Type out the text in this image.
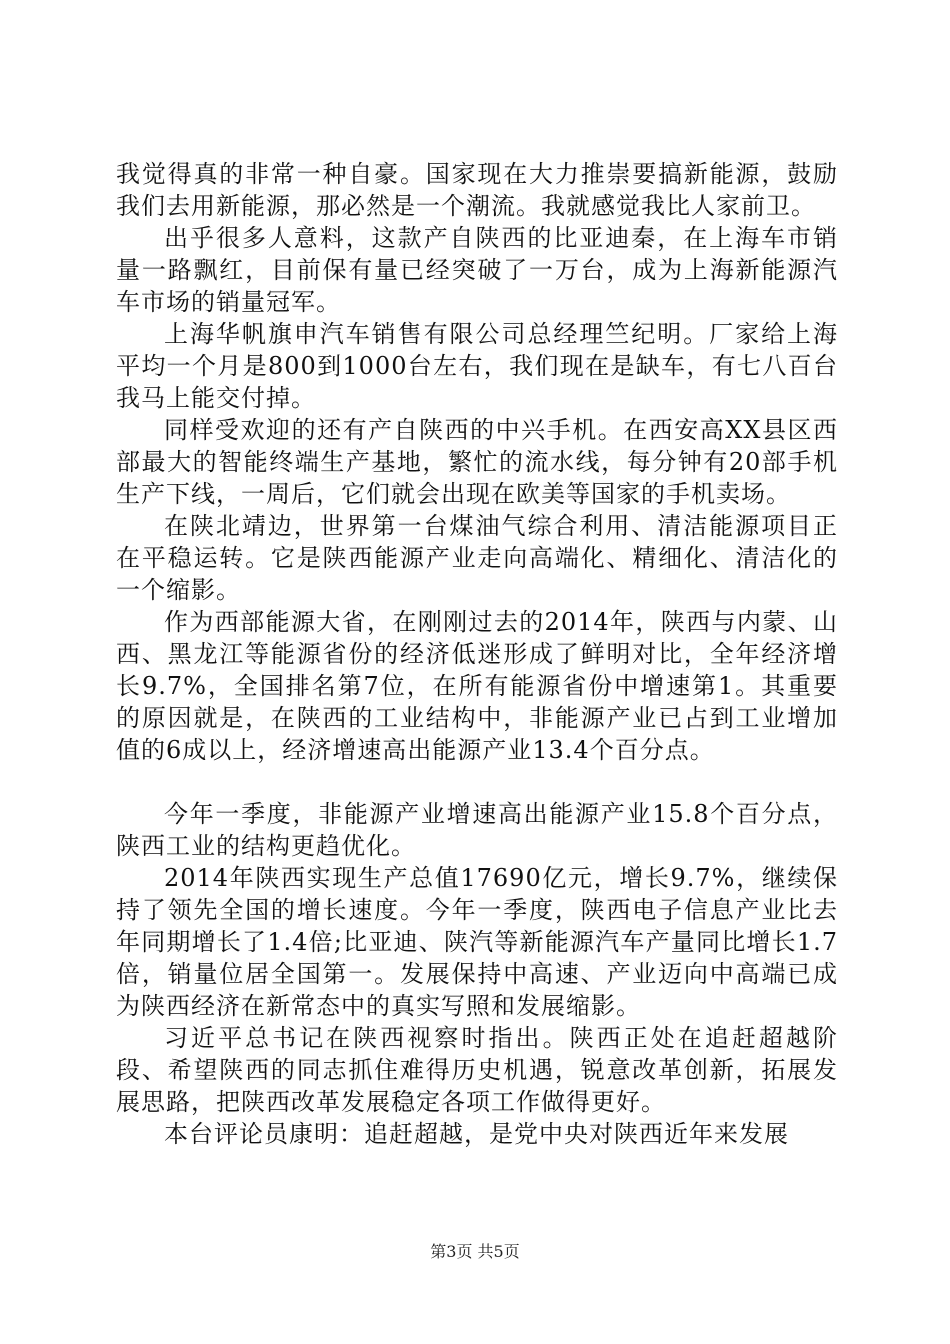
我觉得真的非常一种自豪。国家现在大力推崇要搞新能源，鼓励我们去用新能源，那必然是一个潮流。我就感觉我比人家前卫。

出乎很多人意料，这款产自陕西的比亚迪秦，在上海车市销量一路飘红，目前保有量已经突破了一万台，成为上海新能源汽车市场的销量冠军。

上海华帆旗申汽车销售有限公司总经理竺纪明。厂家给上海平均一个月是800到1000台左右，我们现在是缺车，有七八百台我马上能交付掉。

同样受欢迎的还有产自陕西的中兴手机。在西安高XX县区西部最大的智能终端生产基地，繁忙的流水线，每分钟有20部手机生产下线，一周后，它们就会出现在欧美等国家的手机卖场。

在陕北靖边，世界第一台煤油气综合利用、清洁能源项目正在平稳运转。它是陕西能源产业走向高端化、精细化、清洁化的一个缩影。

作为西部能源大省，在刚刚过去的2014年，陕西与内蒙、山西、黑龙江等能源省份的经济低迷形成了鲜明对比，全年经济增长9.7%，全国排名第7位，在所有能源省份中增速第1。其重要的原因就是，在陕西的工业结构中，非能源产业已占到工业增加值的6成以上，经济增速高出能源产业13.4个百分点。

今年一季度，非能源产业增速高出能源产业15.8个百分点，陕西工业的结构更趋优化。

2014年陕西实现生产总值17690亿元，增长9.7%，继续保持了领先全国的增长速度。今年一季度，陕西电子信息产业比去年同期增长了1.4倍;比亚迪、陕汽等新能源汽车产量同比增长1.7倍，销量位居全国第一。发展保持中高速、产业迈向中高端已成为陕西经济在新常态中的真实写照和发展缩影。

习近平总书记在陕西视察时指出。陕西正处在追赶超越阶段、希望陕西的同志抓住难得历史机遇，锐意改革创新，拓展发展思路，把陕西改革发展稳定各项工作做得更好。

本台评论员康明：追赶超越，是党中央对陕西近年来发展

第3页 共5页
